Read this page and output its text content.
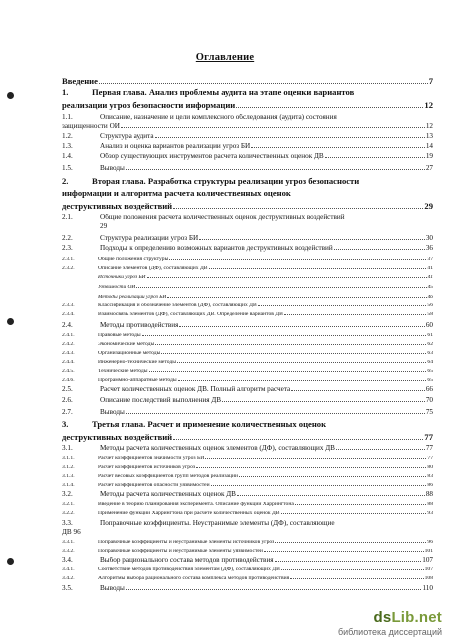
Оглавление
Введение	7
1.	Первая глава. Анализ проблемы аудита на этапе оценки вариантов
реализации угроз безопасности информации	12
1.1.	Описание, назначение и цели комплексного обследования (аудита) состояния
защищенности ОИ	12
1.2.	Структура аудита	13
1.3.	Анализ и оценка вариантов реализации угроз БИ	14
1.4.	Обзор существующих инструментов расчета количественных оценок ДВ	19
1.5.	Выводы	27
2.	Вторая глава. Разработка структуры реализации угроз безопасности
информации и алгоритма расчета количественных оценок
деструктивных воздействий	29
2.1.	Общие положения расчета количественных оценок деструктивных воздействий
29
2.2.	Структура реализации угроз БИ	30
2.3.	Подходы к определению возможных вариантов деструктивных воздействий	36
2.3.1.	Общие положения структуры	37
2.3.2.	Описание элементов (ДФ), составляющих ДВ	41
Источники угроз БИ	41
Уязвимости ОИ	45
Методы реализации угроз БИ	46
2.3.3.	Классификация и обозначение элементов (ДФ), составляющих ДВ	56
2.3.4.	Взаимосвязь элементов (ДФ), составляющих ДВ. Определение вариантов ДВ	58
2.4.	Методы противодействия	60
2.4.1.	Правовые методы	61
2.4.2.	Экономические методы	62
2.4.3.	Организационные методы	63
2.4.4.	Инженерно-технические методы	64
2.4.5.	Технические методы	65
2.4.6.	Программно-аппаратные методы	65
2.5.	Расчет количественных оценок ДВ. Полный алгоритм расчета	66
2.6.	Описание последствий выполнения ДВ	70
2.7.	Выводы	75
3.	Третья глава. Расчет и применение количественных оценок
деструктивных воздействий	77
3.1.	Методы расчета количественных оценок элементов (ДФ), составляющих ДВ	77
3.1.1.	Расчет коэффициентов значимости угроз БИ	77
3.1.2.	Расчет коэффициентов источников угроз	80
3.1.3.	Расчет весовых коэффициентов групп методов реализации	83
3.1.4.	Расчет коэффициентов опасности уязвимостей	86
3.2.	Методы расчета количественных оценок ДВ	88
3.2.1.	Введение в теорию планирования эксперимента. Описание функции Харрингтона	88
3.2.2.	Применение функции Харрингтона при расчете количественных оценок ДВ	93
3.3.	Поправочные коэффициенты. Неустранимые элементы (ДФ), составляющие
ДВ 96
3.3.1.	Поправочные коэффициенты и неустранимые элементы источников угроз	96
3.3.2.	Поправочные коэффициенты и неустранимые элементы уязвимостей	101
3.4.	Выбор рационального состава методов противодействия	107
3.4.1.	Соответствие методов противодействия элементам (ДФ), составляющих ДВ	107
3.4.2.	Алгоритмы выбора рационального состава комплекса методов противодействия	108
3.5.	Выводы	110
dsLib.net
библиотека диссертаций
